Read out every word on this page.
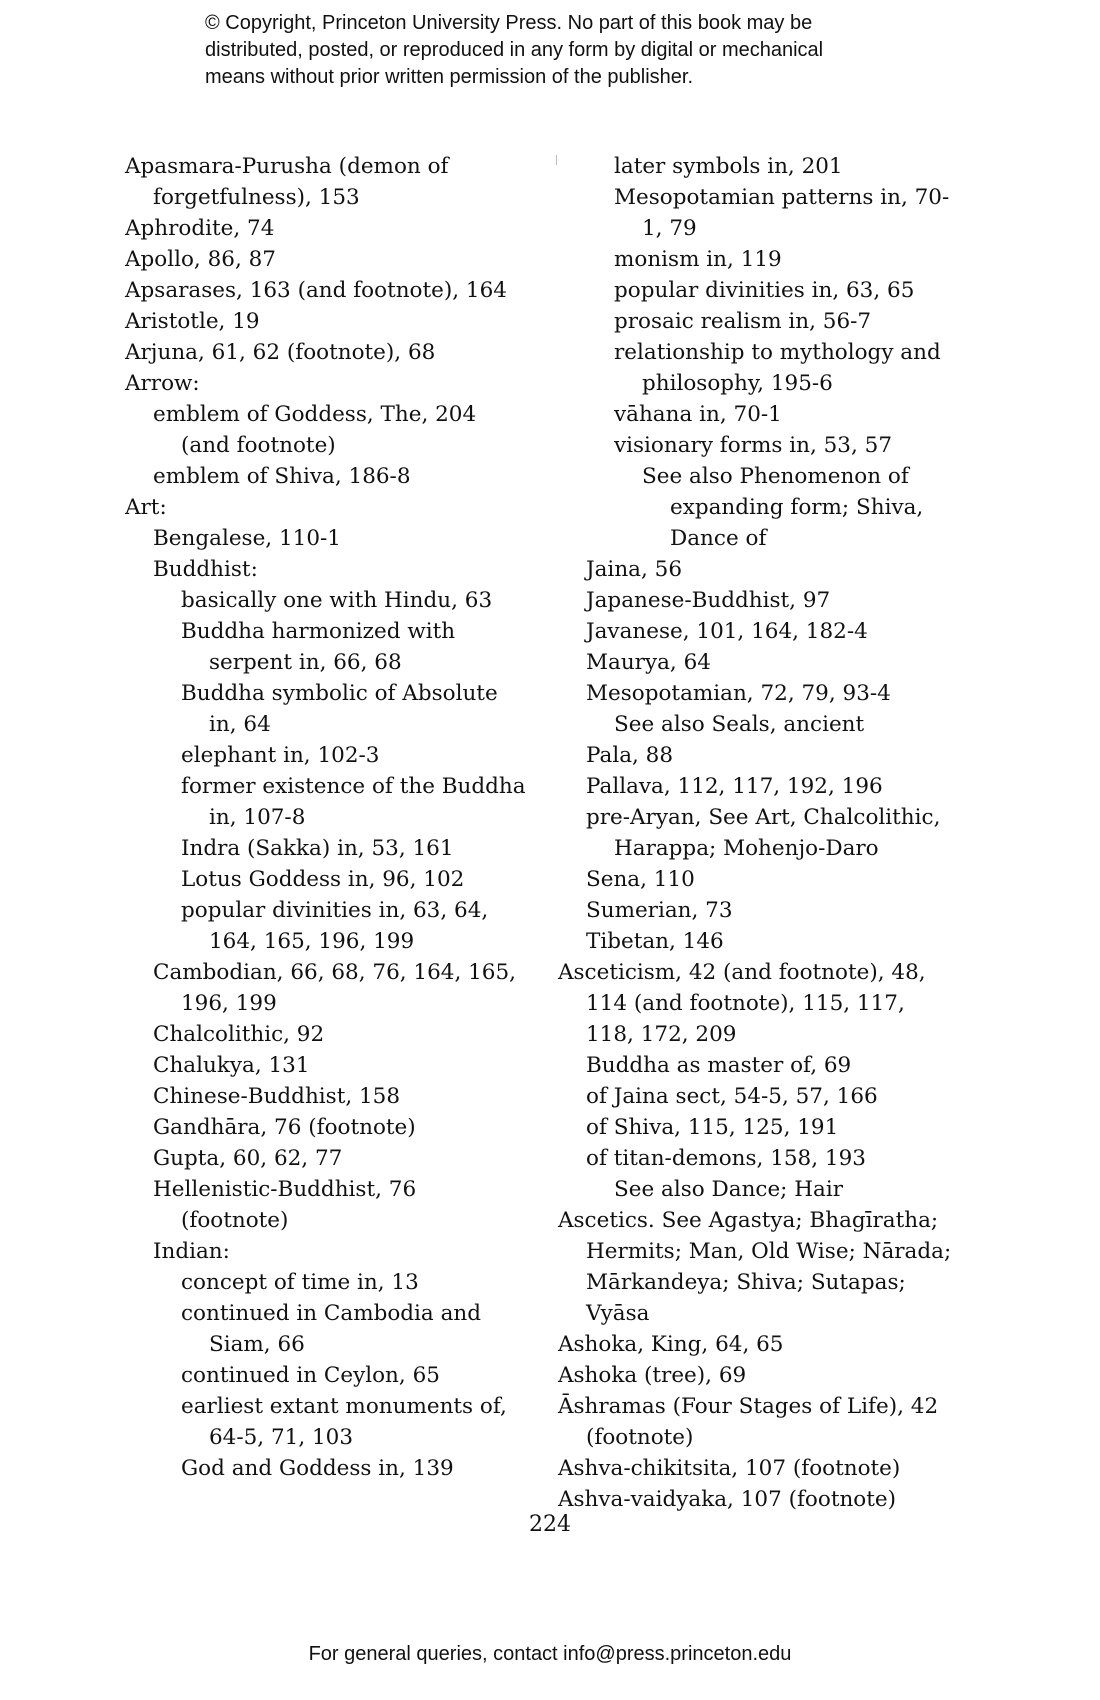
© Copyright, Princeton University Press. No part of this book may be
distributed, posted, or reproduced in any form by digital or mechanical
means without prior written permission of the publisher.
Apasmara-Purusha (demon of forgetfulness), 153
Aphrodite, 74
Apollo, 86, 87
Apsarases, 163 (and footnote), 164
Aristotle, 19
Arjuna, 61, 62 (footnote), 68
Arrow:
emblem of Goddess, The, 204 (and footnote)
emblem of Shiva, 186-8
Art:
Bengalese, 110-1
Buddhist:
basically one with Hindu, 63
Buddha harmonized with serpent in, 66, 68
Buddha symbolic of Absolute in, 64
elephant in, 102-3
former existence of the Buddha in, 107-8
Indra (Sakka) in, 53, 161
Lotus Goddess in, 96, 102
popular divinities in, 63, 64, 164, 165, 196, 199
Cambodian, 66, 68, 76, 164, 165, 196, 199
Chalcolithic, 92
Chalukya, 131
Chinese-Buddhist, 158
Gandhāra, 76 (footnote)
Gupta, 60, 62, 77
Hellenistic-Buddhist, 76 (footnote)
Indian:
concept of time in, 13
continued in Cambodia and Siam, 66
continued in Ceylon, 65
earliest extant monuments of, 64-5, 71, 103
God and Goddess in, 139
later symbols in, 201
Mesopotamian patterns in, 70-1, 79
monism in, 119
popular divinities in, 63, 65
prosaic realism in, 56-7
relationship to mythology and philosophy, 195-6
vāhana in, 70-1
visionary forms in, 53, 57
See also Phenomenon of expanding form; Shiva, Dance of
Jaina, 56
Japanese-Buddhist, 97
Javanese, 101, 164, 182-4
Maurya, 64
Mesopotamian, 72, 79, 93-4
See also Seals, ancient
Pala, 88
Pallava, 112, 117, 192, 196
pre-Aryan, See Art, Chalcolithic, Harappa; Mohenjo-Daro
Sena, 110
Sumerian, 73
Tibetan, 146
Asceticism, 42 (and footnote), 48, 114 (and footnote), 115, 117, 118, 172, 209
Buddha as master of, 69
of Jaina sect, 54-5, 57, 166
of Shiva, 115, 125, 191
of titan-demons, 158, 193
See also Dance; Hair
Ascetics. See Agastya; Bhagīratha; Hermits; Man, Old Wise; Nārada; Mārkandeya; Shiva; Sutapas; Vyāsa
Ashoka, King, 64, 65
Ashoka (tree), 69
Āshramas (Four Stages of Life), 42 (footnote)
Ashva-chikitsita, 107 (footnote)
Ashva-vaidyaka, 107 (footnote)
224
For general queries, contact info@press.princeton.edu
